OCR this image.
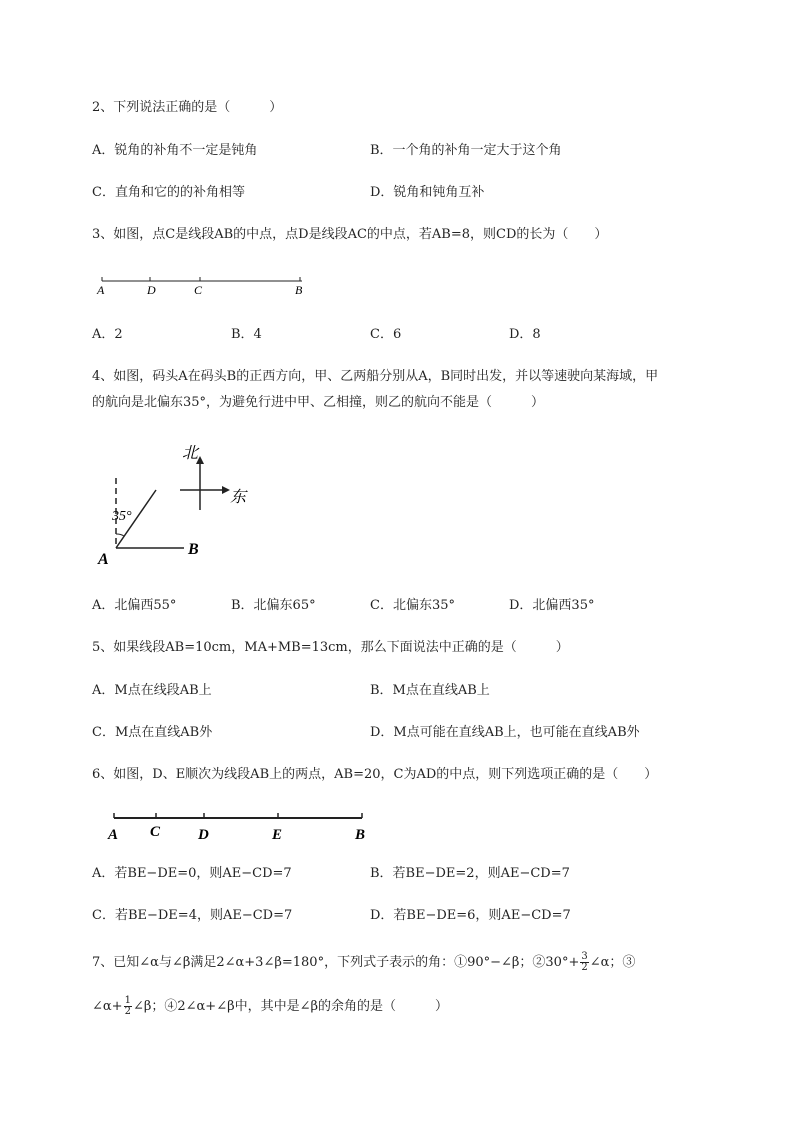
2、下列说法正确的是（　　　）
A．锐角的补角不一定是钝角	B．一个角的补角一定大于这个角
C．直角和它的的补角相等	D．锐角和钝角互补
3、如图，点C是线段AB的中点，点D是线段AC的中点，若AB=8，则CD的长为（　　）
A	D	C	B
A．2	B．4	C．6	D．8
4、如图，码头A在码头B的正西方向，甲、乙两船分别从A，B同时出发，并以等速驶向某海域，甲
的航向是北偏东35°，为避免行进中甲、乙相撞，则乙的航向不能是（　　　）
北
东
35°
A
B
A．北偏西55°	B．北偏东65°	C．北偏东35°	D．北偏西35°
5、如果线段AB=10cm，MA+MB=13cm，那么下面说法中正确的是（　　　）
A．M点在线段AB上	B．M点在直线AB上
C．M点在直线AB外	D．M点可能在直线AB上，也可能在直线AB外
6、如图，D、E顺次为线段AB上的两点，AB=20，C为AD的中点，则下列选项正确的是（　　）
A C	D	E	B
A．若BE−DE=0，则AE−CD=7	B．若BE−DE=2，则AE−CD=7
C．若BE−DE=4，则AE−CD=7	D．若BE−DE=6，则AE−CD=7
7、已知∠α与∠β满足2∠α+3∠β=180°，下列式子表示的角：①90°−∠β；②30°+ $\frac{3}{2}$ ∠α；③
∠α+ $\frac{1}{2}$ ∠β；④2∠α+∠β中，其中是∠β的余角的是（　　　）
